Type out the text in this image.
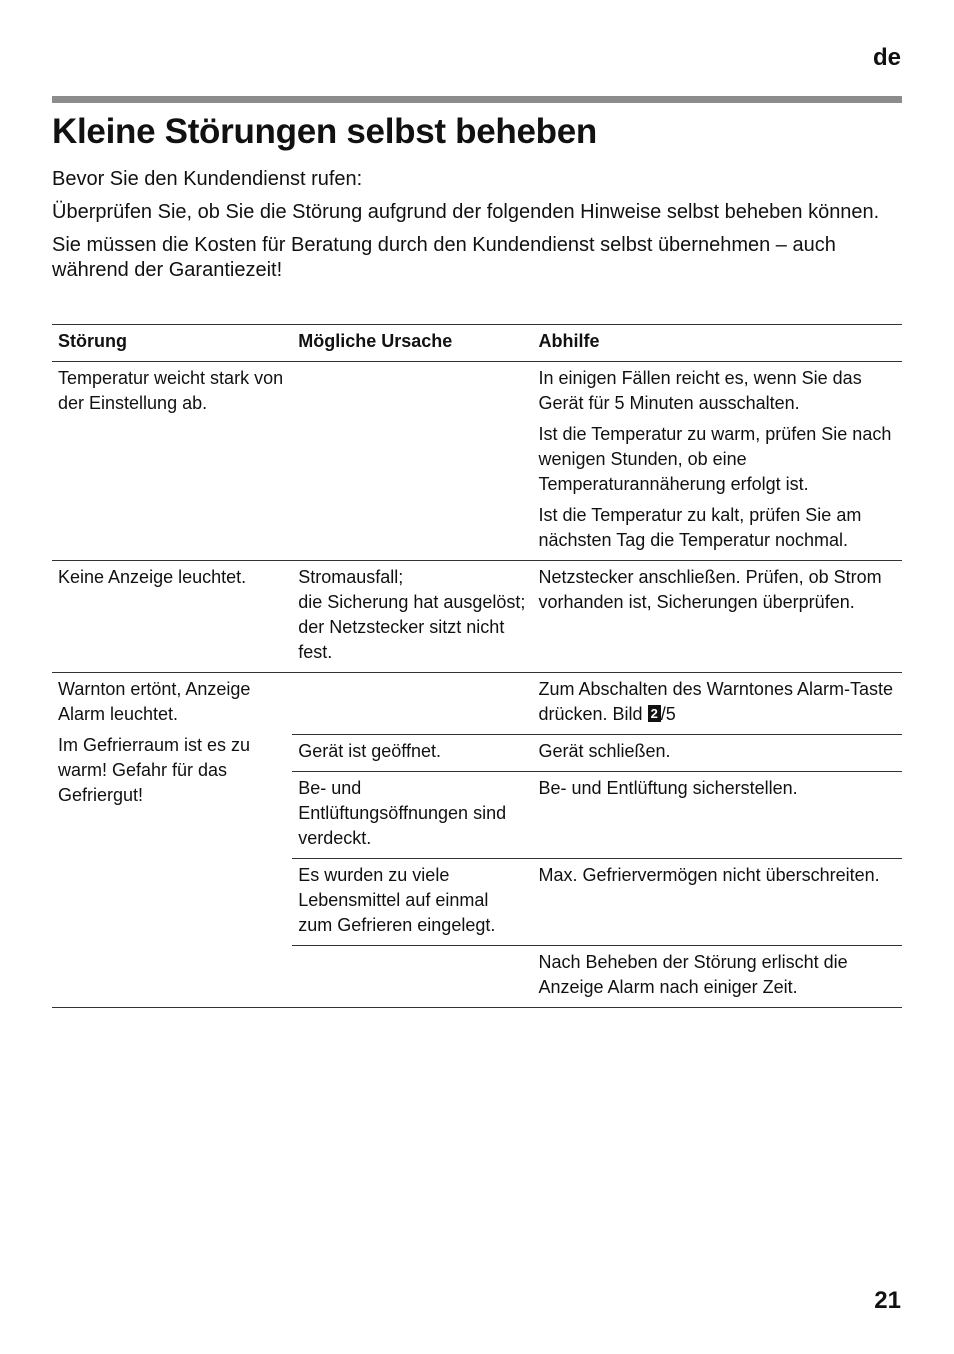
de
Kleine Störungen selbst beheben

Bevor Sie den Kundendienst rufen:

Überprüfen Sie, ob Sie die Störung aufgrund der folgenden Hinweise selbst beheben können.

Sie müssen die Kosten für Beratung durch den Kundendienst selbst übernehmen – auch während der Garantiezeit!

Störung	Mögliche Ursache	Abhilfe
Temperatur weicht stark von der Einstellung ab.		In einigen Fällen reicht es, wenn Sie das Gerät für 5 Minuten ausschalten.

Ist die Temperatur zu warm, prüfen Sie nach wenigen Stunden, ob eine Temperaturannäherung erfolgt ist.

Ist die Temperatur zu kalt, prüfen Sie am nächsten Tag die Temperatur nochmal.

Keine Anzeige leuchtet.	Stromausfall;
die Sicherung hat ausgelöst;
der Netzstecker sitzt nicht fest.	Netzstecker anschließen. Prüfen, ob Strom vorhanden ist, Sicherungen überprüfen.

Warnton ertönt, Anzeige Alarm leuchtet.

Im Gefrierraum ist es zu warm! Gefahr für das Gefriergut!		Zum Abschalten des Warntones Alarm-Taste drücken. Bild 2 /5
	Gerät ist geöffnet.	Gerät schließen.
	Be- und Entlüftungsöffnungen sind verdeckt.	Be- und Entlüftung sicherstellen.
	Es wurden zu viele Lebensmittel auf einmal zum Gefrieren eingelegt.	Max. Gefriervermögen nicht überschreiten.
		Nach Beheben der Störung erlischt die Anzeige Alarm nach einiger Zeit.
21
